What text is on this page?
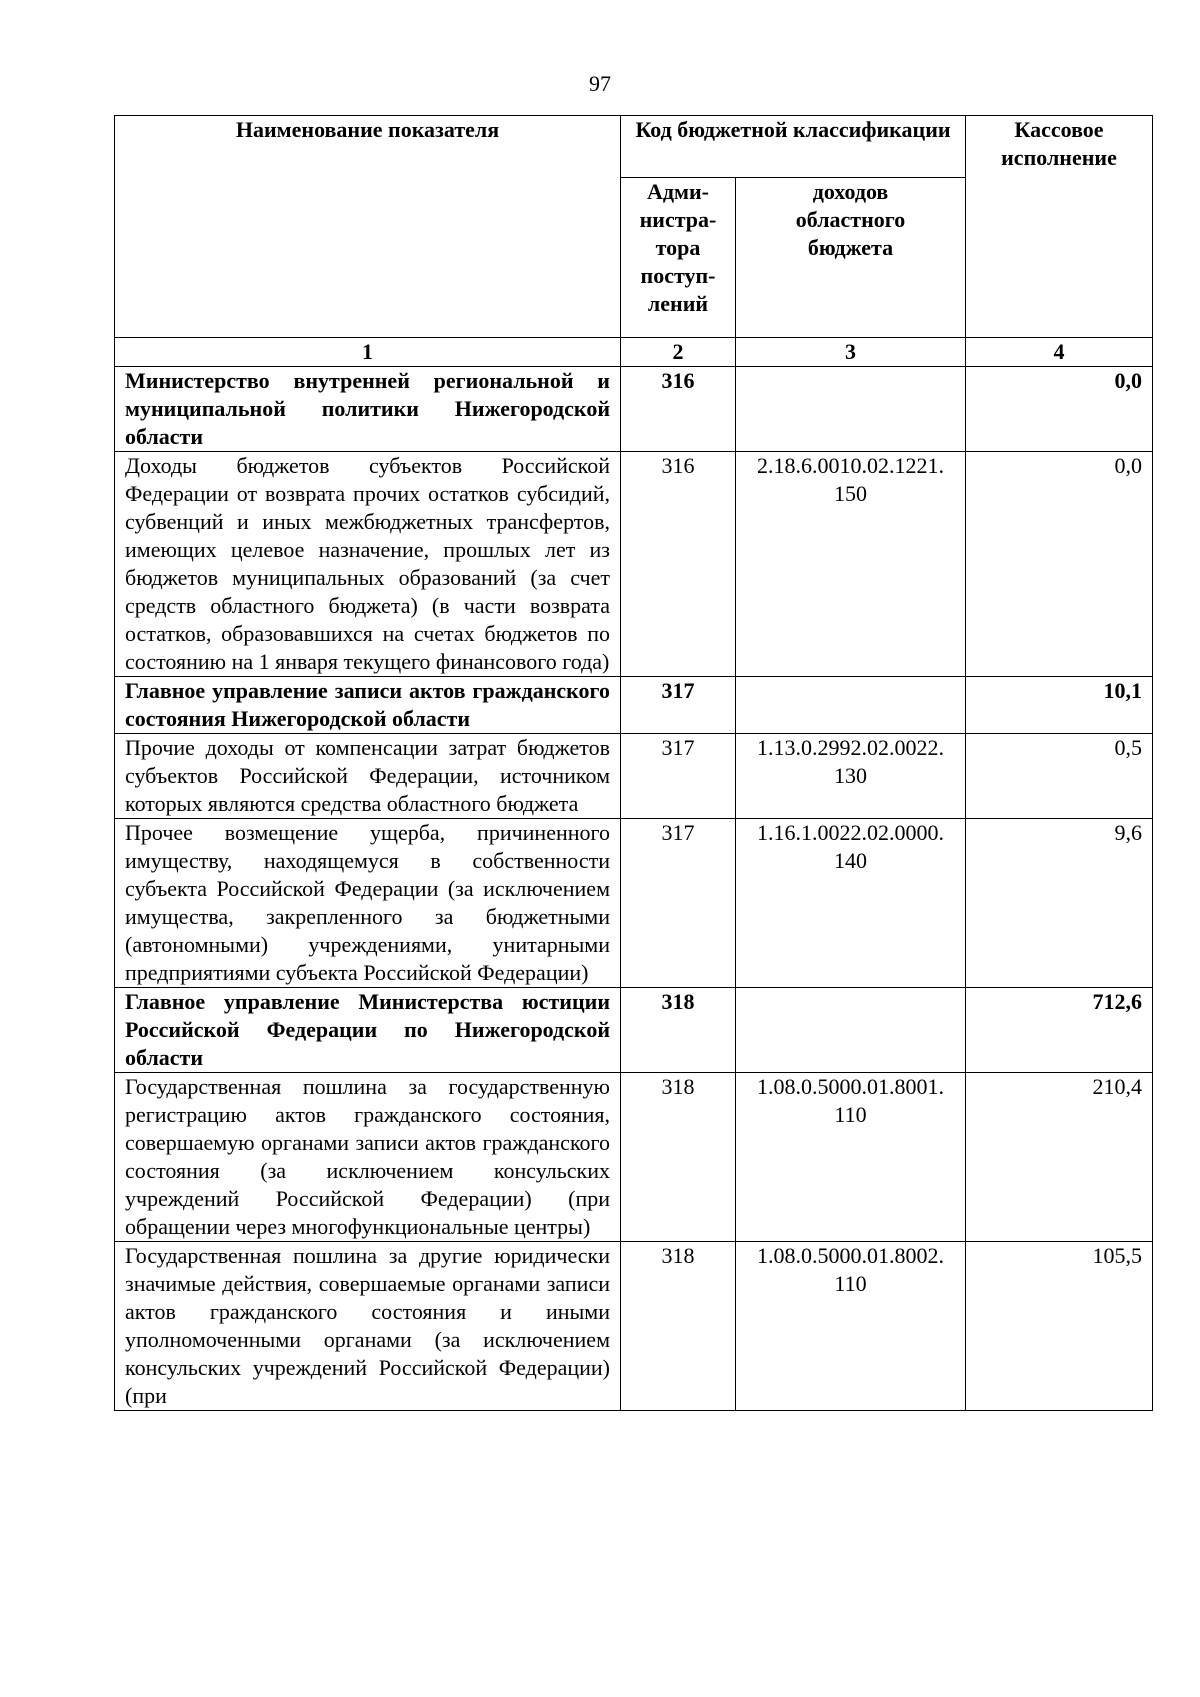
97
Наименование показателя	Код бюджетной классификации		Кассовое исполнение
	Адми-нистра-тора поступ-лений	доходов областного бюджета	
1	2	3	4
Министерство внутренней региональной и муниципальной политики Нижегородской области	316		0,0
Доходы бюджетов субъектов Российской Федерации от возврата прочих остатков субсидий, субвенций и иных межбюджетных трансфертов, имеющих целевое назначение, прошлых лет из бюджетов муниципальных образований (за счет средств областного бюджета) (в части возврата остатков, образовавшихся на счетах бюджетов по состоянию на 1 января текущего финансового года)	316	2.18.6.0010.02.1221. 150	0,0
Главное управление записи актов гражданского состояния Нижегородской области	317		10,1
Прочие доходы от компенсации затрат бюджетов субъектов Российской Федерации, источником которых являются средства областного бюджета	317	1.13.0.2992.02.0022. 130	0,5
Прочее возмещение ущерба, причиненного имуществу, находящемуся в собственности субъекта Российской Федерации (за исключением имущества, закрепленного за бюджетными (автономными) учреждениями, унитарными предприятиями субъекта Российской Федерации)	317	1.16.1.0022.02.0000. 140	9,6
Главное управление Министерства юстиции Российской Федерации по Нижегородской области	318		712,6
Государственная пошлина за государственную регистрацию актов гражданского состояния, совершаемую органами записи актов гражданского состояния (за исключением консульских учреждений Российской Федерации) (при обращении через многофункциональные центры)	318	1.08.0.5000.01.8001. 110	210,4
Государственная пошлина за другие юридически значимые действия, совершаемые органами записи актов гражданского состояния и иными уполномоченными органами (за исключением консульских учреждений Российской Федерации) (при	318	1.08.0.5000.01.8002. 110	105,5
